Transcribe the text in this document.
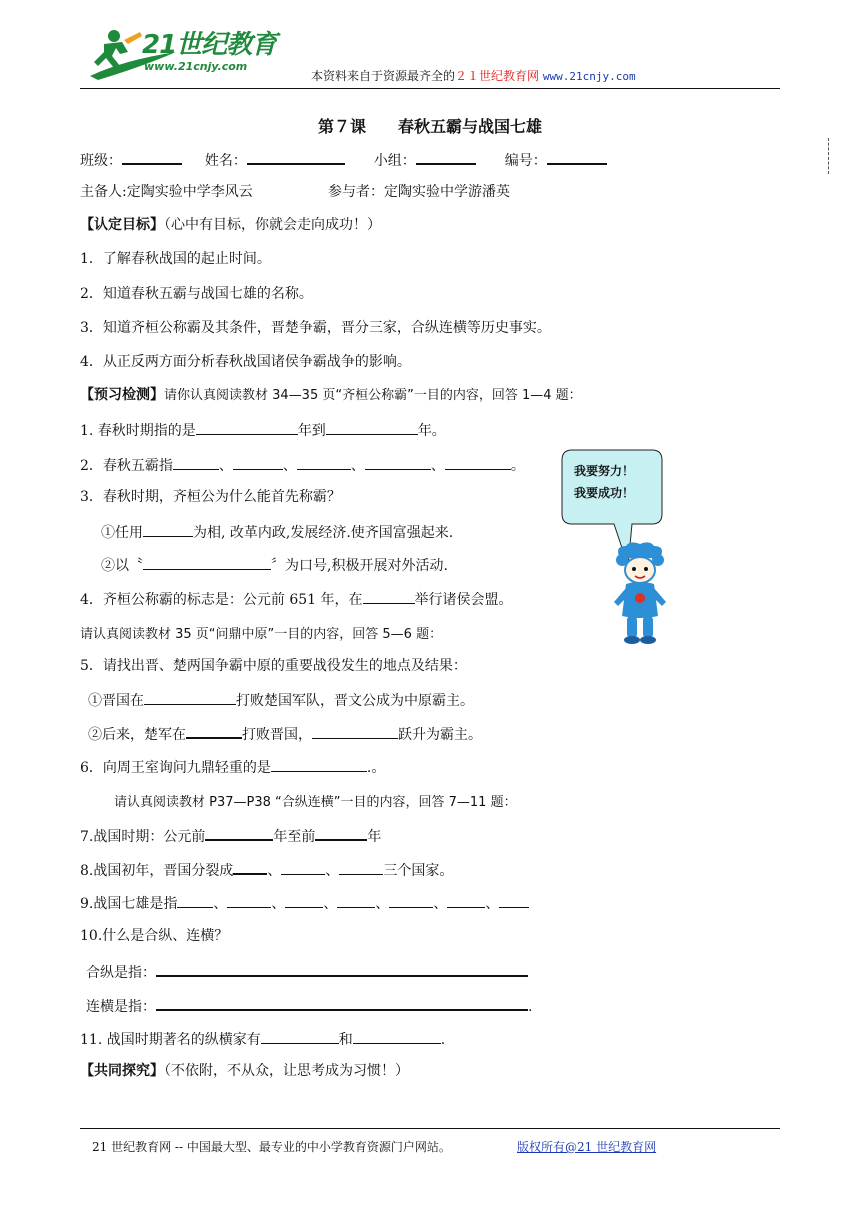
21世纪教育
www.21cnjy.com
本资料来自于资源最齐全的２１世纪教育网 www.21cnjy.com
第７课　　春秋五霸与战国七雄
班级：	姓名：	小组：	编号：
主备人:定陶实验中学李风云	参与者：定陶实验中学游潘英
【认定目标】（心中有目标，你就会走向成功！）
1．了解春秋战国的起止时间。
2．知道春秋五霸与战国七雄的名称。
3．知道齐桓公称霸及其条件，晋楚争霸，晋分三家，合纵连横等历史事实。
4．从正反两方面分析春秋战国诸侯争霸战争的影响。
【预习检测】请你认真阅读教材 34—35 页“齐桓公称霸”一目的内容，回答 1—4 题：
1. 春秋时期指的是	年到	年。
2．春秋五霸指	、	、	、	、	。
3．春秋时期，齐桓公为什么能首先称霸？
①任用	为相, 改革内政,发展经济.使齐国富强起来.
②以〝	〞为口号,积极开展对外活动.
4．齐桓公称霸的标志是：公元前 651 年，在	举行诸侯会盟。
请认真阅读教材 35 页“问鼎中原”一目的内容，回答 5—6 题：
5．请找出晋、楚两国争霸中原的重要战役发生的地点及结果：
①晋国在	打败楚国军队，晋文公成为中原霸主。
②后来，楚军在	打败晋国，	跃升为霸主。
6．向周王室询问九鼎轻重的是	.。
请认真阅读教材 P37—P38 “合纵连横”一目的内容，回答 7—11 题：
7.战国时期：公元前	年至前	年
8.战国初年，晋国分裂成 、	、	三个国家。
9.战国七雄是指	、	、	、	、	、	、
10.什么是合纵、连横？
合纵是指：
连横是指：	.
11. 战国时期著名的纵横家有	和	.
【共同探究】（不依附，不从众，让思考成为习惯！）
我要努力！
我要成功！
21 世纪教育网 -- 中国最大型、最专业的中小学教育资源门户网站。	版权所有@21 世纪教育网
